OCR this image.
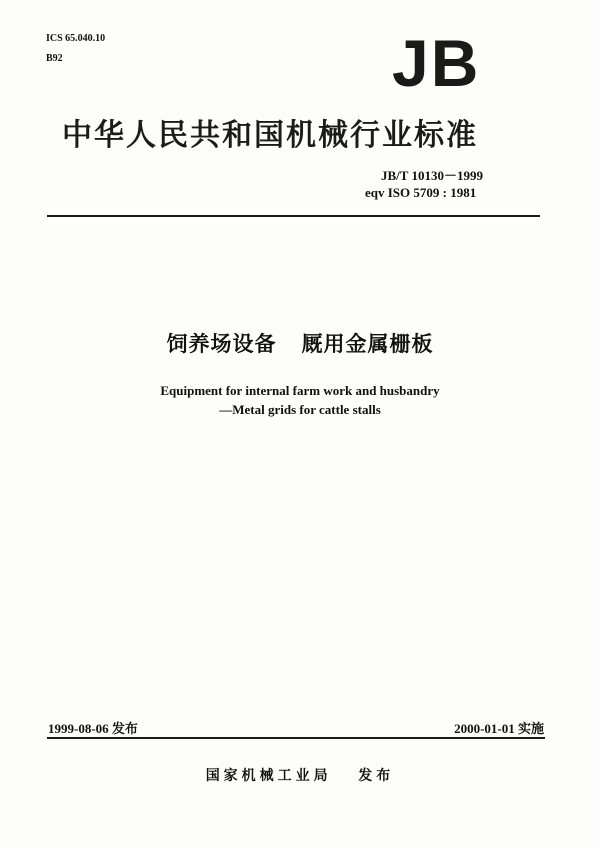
ICS 65.040.10
B92	JB
中华人民共和国机械行业标准
JB/T 10130－1999
eqv ISO 5709 : 1981
饲养场设备   厩用金属栅板
Equipment for internal farm work and husbandry
—Metal grids for cattle stalls
1999-08-06 发布	2000-01-01 实施
国家机械工业局   发布
